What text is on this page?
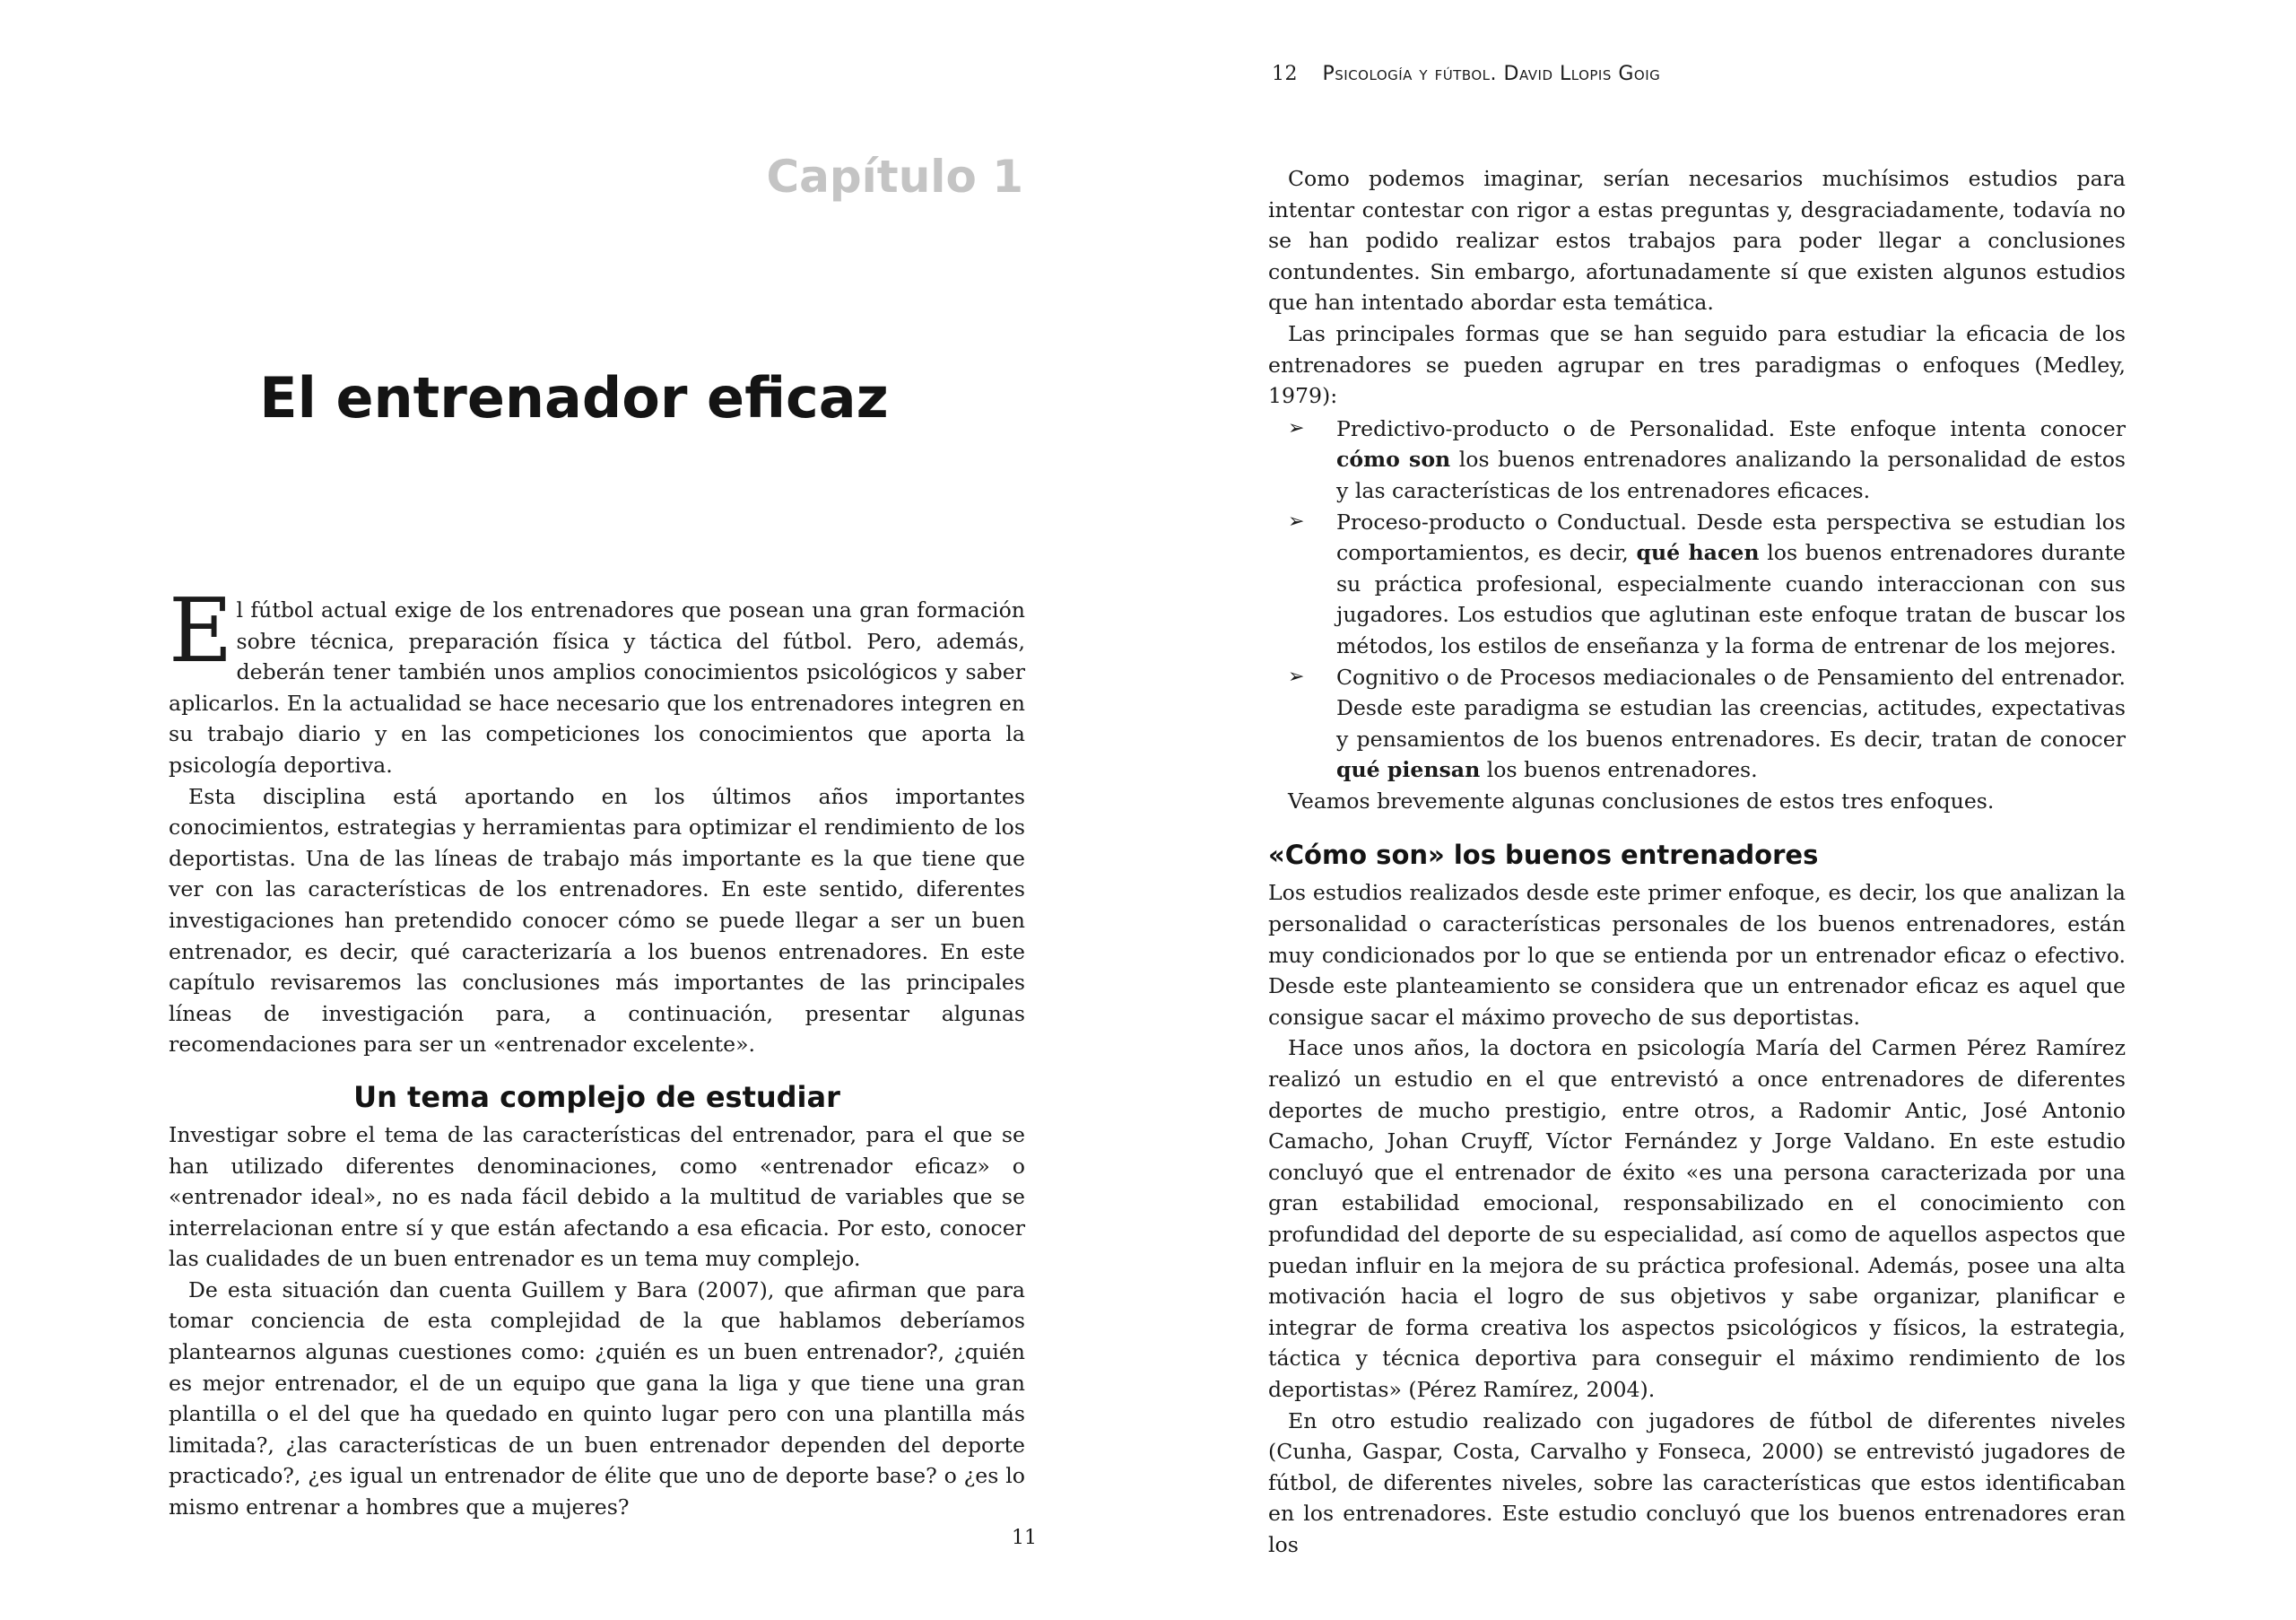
Capítulo 1

El entrenador eficaz

El fútbol actual exige de los entrenadores que posean una gran formación sobre técnica, preparación física y táctica del fútbol. Pero, además, deberán tener también unos amplios conocimientos psicológicos y saber aplicarlos. En la actualidad se hace necesario que los entrenadores integren en su trabajo diario y en las competiciones los conocimientos que aporta la psicología deportiva.

Esta disciplina está aportando en los últimos años importantes conocimientos, estrategias y herramientas para optimizar el rendimiento de los deportistas. Una de las líneas de trabajo más importante es la que tiene que ver con las características de los entrenadores. En este sentido, diferentes investigaciones han pretendido conocer cómo se puede llegar a ser un buen entrenador, es decir, qué caracterizaría a los buenos entrenadores. En este capítulo revisaremos las conclusiones más importantes de las principales líneas de investigación para, a continuación, presentar algunas recomendaciones para ser un «entrenador excelente».

Un tema complejo de estudiar

Investigar sobre el tema de las características del entrenador, para el que se han utilizado diferentes denominaciones, como «entrenador eficaz» o «entrenador ideal», no es nada fácil debido a la multitud de variables que se interrelacionan entre sí y que están afectando a esa eficacia. Por esto, conocer las cualidades de un buen entrenador es un tema muy complejo.

De esta situación dan cuenta Guillem y Bara (2007), que afirman que para tomar conciencia de esta complejidad de la que hablamos deberíamos plantearnos algunas cuestiones como: ¿quién es un buen entrenador?, ¿quién es mejor entrenador, el de un equipo que gana la liga y que tiene una gran plantilla o el del que ha quedado en quinto lugar pero con una plantilla más limitada?, ¿las características de un buen entrenador dependen del deporte practicado?, ¿es igual un entrenador de élite que uno de deporte base? o ¿es lo mismo entrenar a hombres que a mujeres?

11

12 Psicología y fútbol. David Llopis Goig

Como podemos imaginar, serían necesarios muchísimos estudios para intentar contestar con rigor a estas preguntas y, desgraciadamente, todavía no se han podido realizar estos trabajos para poder llegar a conclusiones contundentes. Sin embargo, afortunadamente sí que existen algunos estudios que han intentado abordar esta temática.

Las principales formas que se han seguido para estudiar la eficacia de los entrenadores se pueden agrupar en tres paradigmas o enfoques (Medley, 1979):

➢ Predictivo-producto o de Personalidad. Este enfoque intenta conocer cómo son los buenos entrenadores analizando la personalidad de estos y las características de los entrenadores eficaces.
➢ Proceso-producto o Conductual. Desde esta perspectiva se estudian los comportamientos, es decir, qué hacen los buenos entrenadores durante su práctica profesional, especialmente cuando interaccionan con sus jugadores. Los estudios que aglutinan este enfoque tratan de buscar los métodos, los estilos de enseñanza y la forma de entrenar de los mejores.
➢ Cognitivo o de Procesos mediacionales o de Pensamiento del entrenador. Desde este paradigma se estudian las creencias, actitudes, expectativas y pensamientos de los buenos entrenadores. Es decir, tratan de conocer qué piensan los buenos entrenadores.

Veamos brevemente algunas conclusiones de estos tres enfoques.

«Cómo son» los buenos entrenadores

Los estudios realizados desde este primer enfoque, es decir, los que analizan la personalidad o características personales de los buenos entrenadores, están muy condicionados por lo que se entienda por un entrenador eficaz o efectivo. Desde este planteamiento se considera que un entrenador eficaz es aquel que consigue sacar el máximo provecho de sus deportistas.

Hace unos años, la doctora en psicología María del Carmen Pérez Ramírez realizó un estudio en el que entrevistó a once entrenadores de diferentes deportes de mucho prestigio, entre otros, a Radomir Antic, José Antonio Camacho, Johan Cruyff, Víctor Fernández y Jorge Valdano. En este estudio concluyó que el entrenador de éxito «es una persona caracterizada por una gran estabilidad emocional, responsabilizado en el conocimiento con profundidad del deporte de su especialidad, así como de aquellos aspectos que puedan influir en la mejora de su práctica profesional. Además, posee una alta motivación hacia el logro de sus objetivos y sabe organizar, planificar e integrar de forma creativa los aspectos psicológicos y físicos, la estrategia, táctica y técnica deportiva para conseguir el máximo rendimiento de los deportistas» (Pérez Ramírez, 2004).

En otro estudio realizado con jugadores de fútbol de diferentes niveles (Cunha, Gaspar, Costa, Carvalho y Fonseca, 2000) se entrevistó jugadores de fútbol, de diferentes niveles, sobre las características que estos identificaban en los entrenadores. Este estudio concluyó que los buenos entrenadores eran los
